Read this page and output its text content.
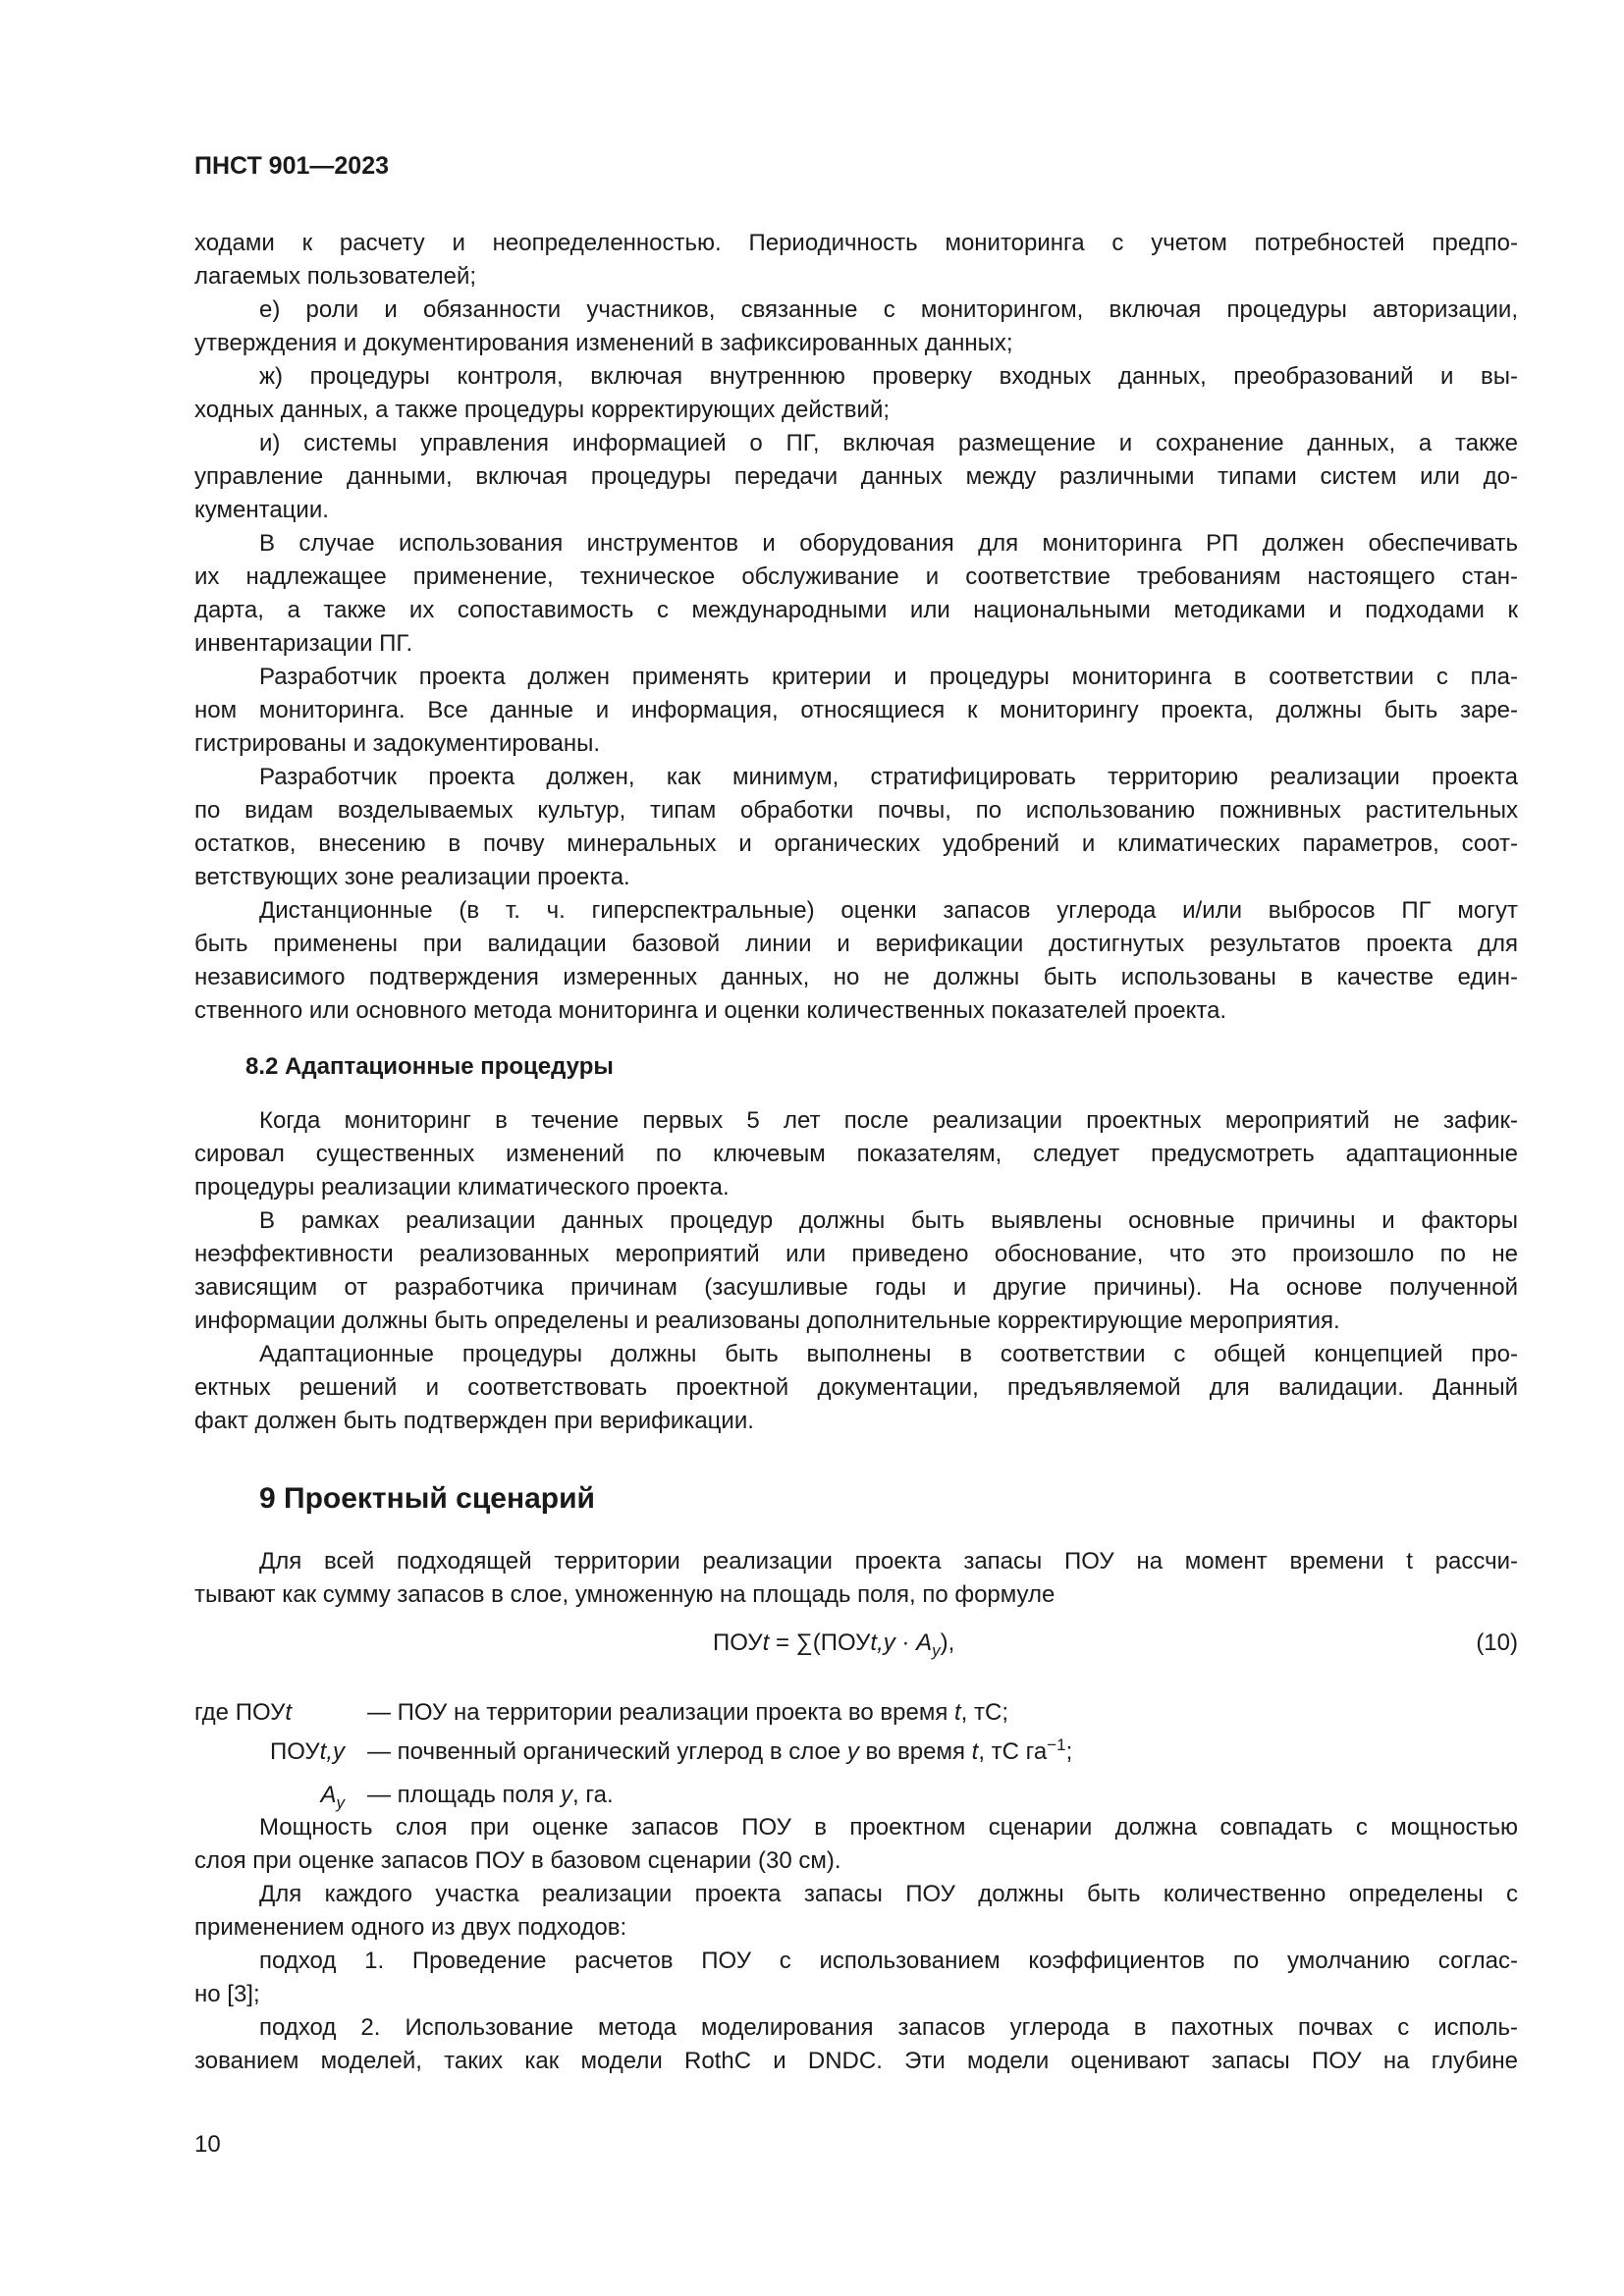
ПНСТ 901—2023
ходами к расчету и неопределенностью. Периодичность мониторинга с учетом потребностей предпо-
лагаемых пользователей;
е) роли и обязанности участников, связанные с мониторингом, включая процедуры авторизации,
утверждения и документирования изменений в зафиксированных данных;
ж) процедуры контроля, включая внутреннюю проверку входных данных, преобразований и вы-
ходных данных, а также процедуры корректирующих действий;
и) системы управления информацией о ПГ, включая размещение и сохранение данных, а также
управление данными, включая процедуры передачи данных между различными типами систем или до-
кументации.
В случае использования инструментов и оборудования для мониторинга РП должен обеспечивать
их надлежащее применение, техническое обслуживание и соответствие требованиям настоящего стан-
дарта, а также их сопоставимость с международными или национальными методиками и подходами к
инвентаризации ПГ.
Разработчик проекта должен применять критерии и процедуры мониторинга в соответствии с пла-
ном мониторинга. Все данные и информация, относящиеся к мониторингу проекта, должны быть заре-
гистрированы и задокументированы.
Разработчик проекта должен, как минимум, стратифицировать территорию реализации проекта
по видам возделываемых культур, типам обработки почвы, по использованию пожнивных растительных
остатков, внесению в почву минеральных и органических удобрений и климатических параметров, соот-
ветствующих зоне реализации проекта.
Дистанционные (в т. ч. гиперспектральные) оценки запасов углерода и/или выбросов ПГ могут
быть применены при валидации базовой линии и верификации достигнутых результатов проекта для
независимого подтверждения измеренных данных, но не должны быть использованы в качестве един-
ственного или основного метода мониторинга и оценки количественных показателей проекта.
8.2 Адаптационные процедуры
Когда мониторинг в течение первых 5 лет после реализации проектных мероприятий не зафик-
сировал существенных изменений по ключевым показателям, следует предусмотреть адаптационные
процедуры реализации климатического проекта.
В рамках реализации данных процедур должны быть выявлены основные причины и факторы
неэффективности реализованных мероприятий или приведено обоснование, что это произошло по не
зависящим от разработчика причинам (засушливые годы и другие причины). На основе полученной
информации должны быть определены и реализованы дополнительные корректирующие мероприятия.
Адаптационные процедуры должны быть выполнены в соответствии с общей концепцией про-
ектных решений и соответствовать проектной документации, предъявляемой для валидации. Данный
факт должен быть подтвержден при верификации.
9 Проектный сценарий
Для всей подходящей территории реализации проекта запасы ПОУ на момент времени t рассчи-
тывают как сумму запасов в слое, умноженную на площадь поля, по формуле
ПОУt = ∑(ПОУt,y · $A_y$),	(10)
где ПОУt	— ПОУ на территории реализации проекта во время t, тС;
ПОУt,y — почвенный органический углерод в слое y во время t, тС $га^{-1}$;
$A_y$ — площадь поля y, га.
Мощность слоя при оценке запасов ПОУ в проектном сценарии должна совпадать с мощностью
слоя при оценке запасов ПОУ в базовом сценарии (30 см).
Для каждого участка реализации проекта запасы ПОУ должны быть количественно определены с
применением одного из двух подходов:
подход 1. Проведение расчетов ПОУ с использованием коэффициентов по умолчанию соглас-
но [3];
подход 2. Использование метода моделирования запасов углерода в пахотных почвах с исполь-
зованием моделей, таких как модели RothC и DNDC. Эти модели оценивают запасы ПОУ на глубине
10
